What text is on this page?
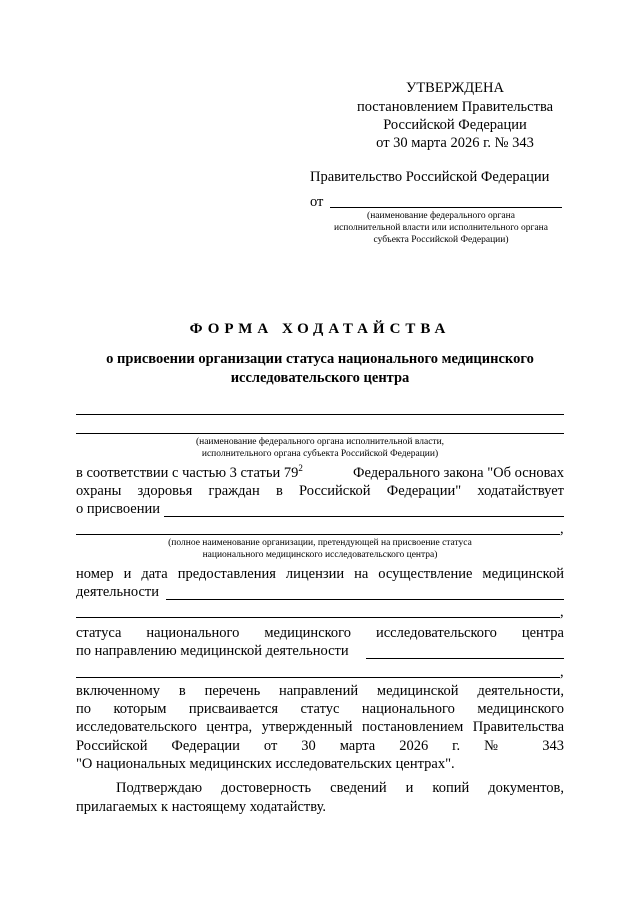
УТВЕРЖДЕНА
постановлением Правительства
Российской Федерации
от 30 марта 2026 г. № 343
Правительство Российской Федерации
от
(наименование федерального органа
исполнительной власти или исполнительного органа
субъекта Российской Федерации)
ФОРМА ХОДАТАЙСТВА
о присвоении организации статуса национального медицинского
исследовательского центра
(наименование федерального органа исполнительной власти,
исполнительного органа субъекта Российской Федерации)
в соответствии с частью 3 статьи $79^2$	Федерального закона "Об основах
охраны здоровья граждан в Российской Федерации" ходатайствует
о присвоении
,
(полное наименование организации, претендующей на присвоение статуса
национального медицинского исследовательского центра)
номер и дата предоставления лицензии на осуществление медицинской
деятельности
,
статуса национального медицинского исследовательского центра
по направлению медицинской деятельности
,
включенному в перечень направлений медицинской деятельности,
по которым присваивается статус национального медицинского
исследовательского центра, утвержденный постановлением Правительства
Российской Федерации от 30 марта 2026 г. № 343
"О национальных медицинских исследовательских центрах".
Подтверждаю достоверность сведений и копий документов,
прилагаемых к настоящему ходатайству.
